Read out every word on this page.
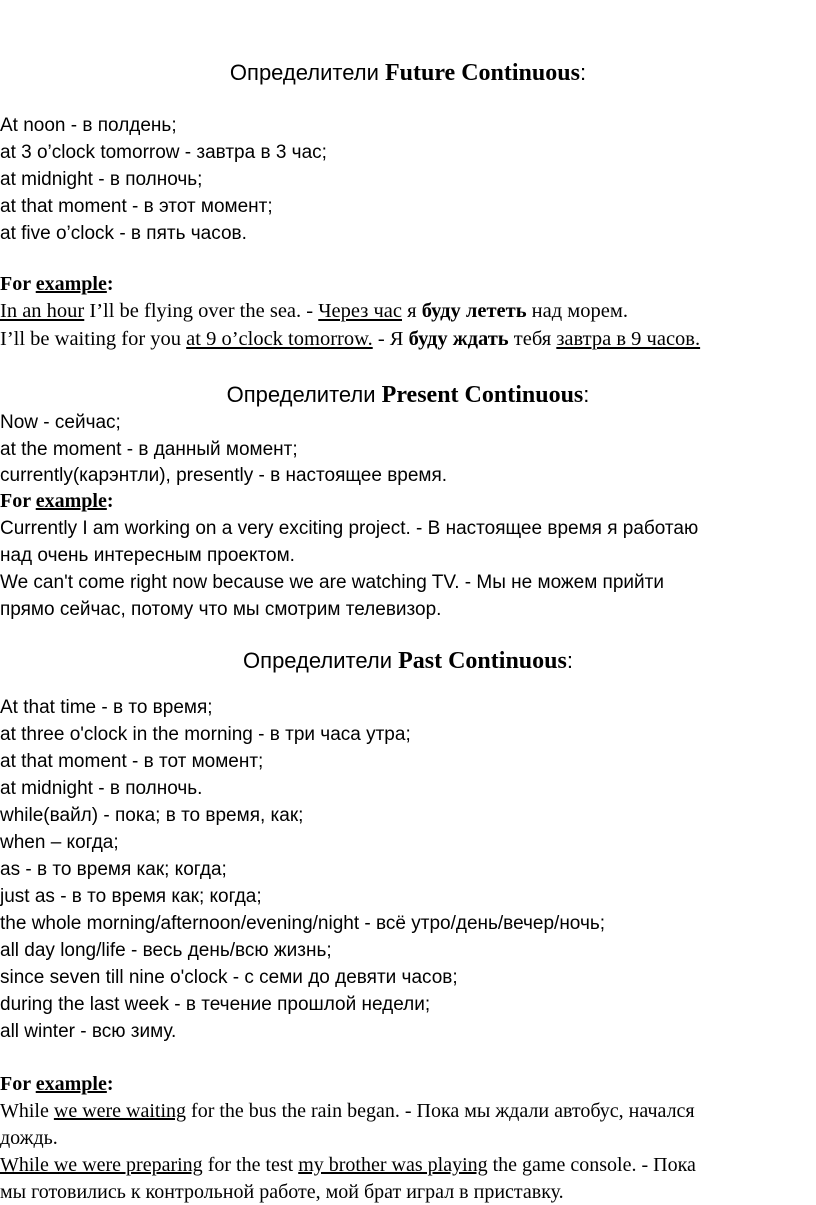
Определители Future Continuous:
At noon - в полдень;
at 3 o’clock tomorrow - завтра в 3 час;
at midnight - в полночь;
at that moment - в этот момент;
at five o’clock - в пять часов.
For example:
In an hour I’ll be flying over the sea. - Через час я буду лететь над морем.
I’ll be waiting for you at 9 o’clock tomorrow. - Я буду ждать тебя завтра в 9 часов.
Определители Present Continuous:
Now - сейчас;
at the moment - в данный момент;
currently(карэнтли), presently - в настоящее время.
For example:
Currently I am working on a very exciting project. - В настоящее время я работаю
над очень интересным проектом.
We can't come right now because we are watching TV. - Мы не можем прийти
прямо сейчас, потому что мы смотрим телевизор.
Определители Past Continuous:
At that time - в то время;
at three o'clock in the morning - в три часа утра;
at that moment - в тот момент;
at midnight - в полночь.
while(вайл) - пока; в то время, как;
when – когда;
as - в то время как; когда;
just as - в то время как; когда;
the whole morning/afternoon/evening/night - всё утро/день/вечер/ночь;
all day long/life - весь день/всю жизнь;
since seven till nine o'clock - с семи до девяти часов;
during the last week - в течение прошлой недели;
all winter - всю зиму.
For example:
While we were waiting for the bus the rain began. - Пока мы ждали автобус, начался
дождь.
While we were preparing for the test my brother was playing the game console. - Пока
мы готовились к контрольной работе, мой брат играл в приставку.
